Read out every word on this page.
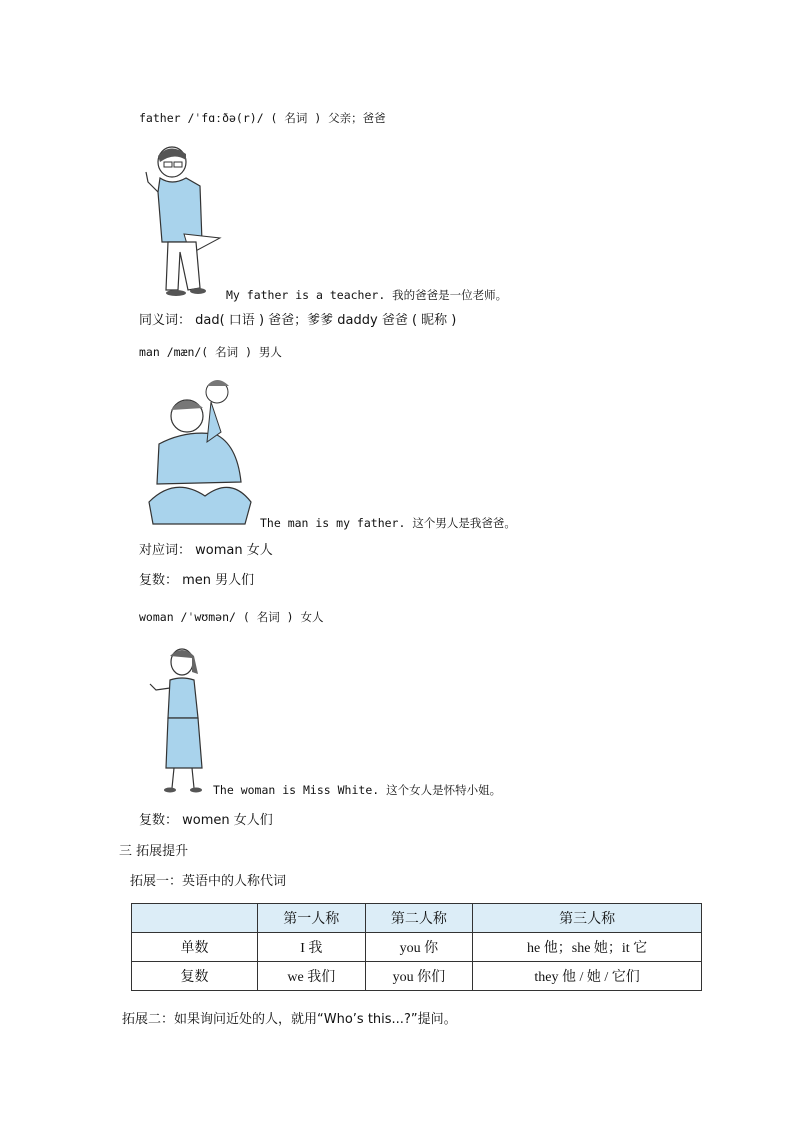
father /ˈfɑːðə(r)/ ( 名词 ) 父亲；爸爸
My father is a teacher. 我的爸爸是一位老师。
同义词： dad( 口语 ) 爸爸；爹爹 daddy 爸爸 ( 昵称 )
man /mæn/( 名词 ) 男人
The man is my father. 这个男人是我爸爸。
对应词： woman 女人
复数： men 男人们
woman /ˈwʊmən/ ( 名词 ) 女人
The woman is Miss White. 这个女人是怀特小姐。
复数： women 女人们
三 拓展提升
拓展一：英语中的人称代词
	第一人称	第二人称	第三人称
单数	I 我	you 你	he 他；she 她；it 它
复数	we 我们	you 你们	they 他 / 她 / 它们
拓展二：如果询问近处的人，就用“Who’s this...?”提问。
